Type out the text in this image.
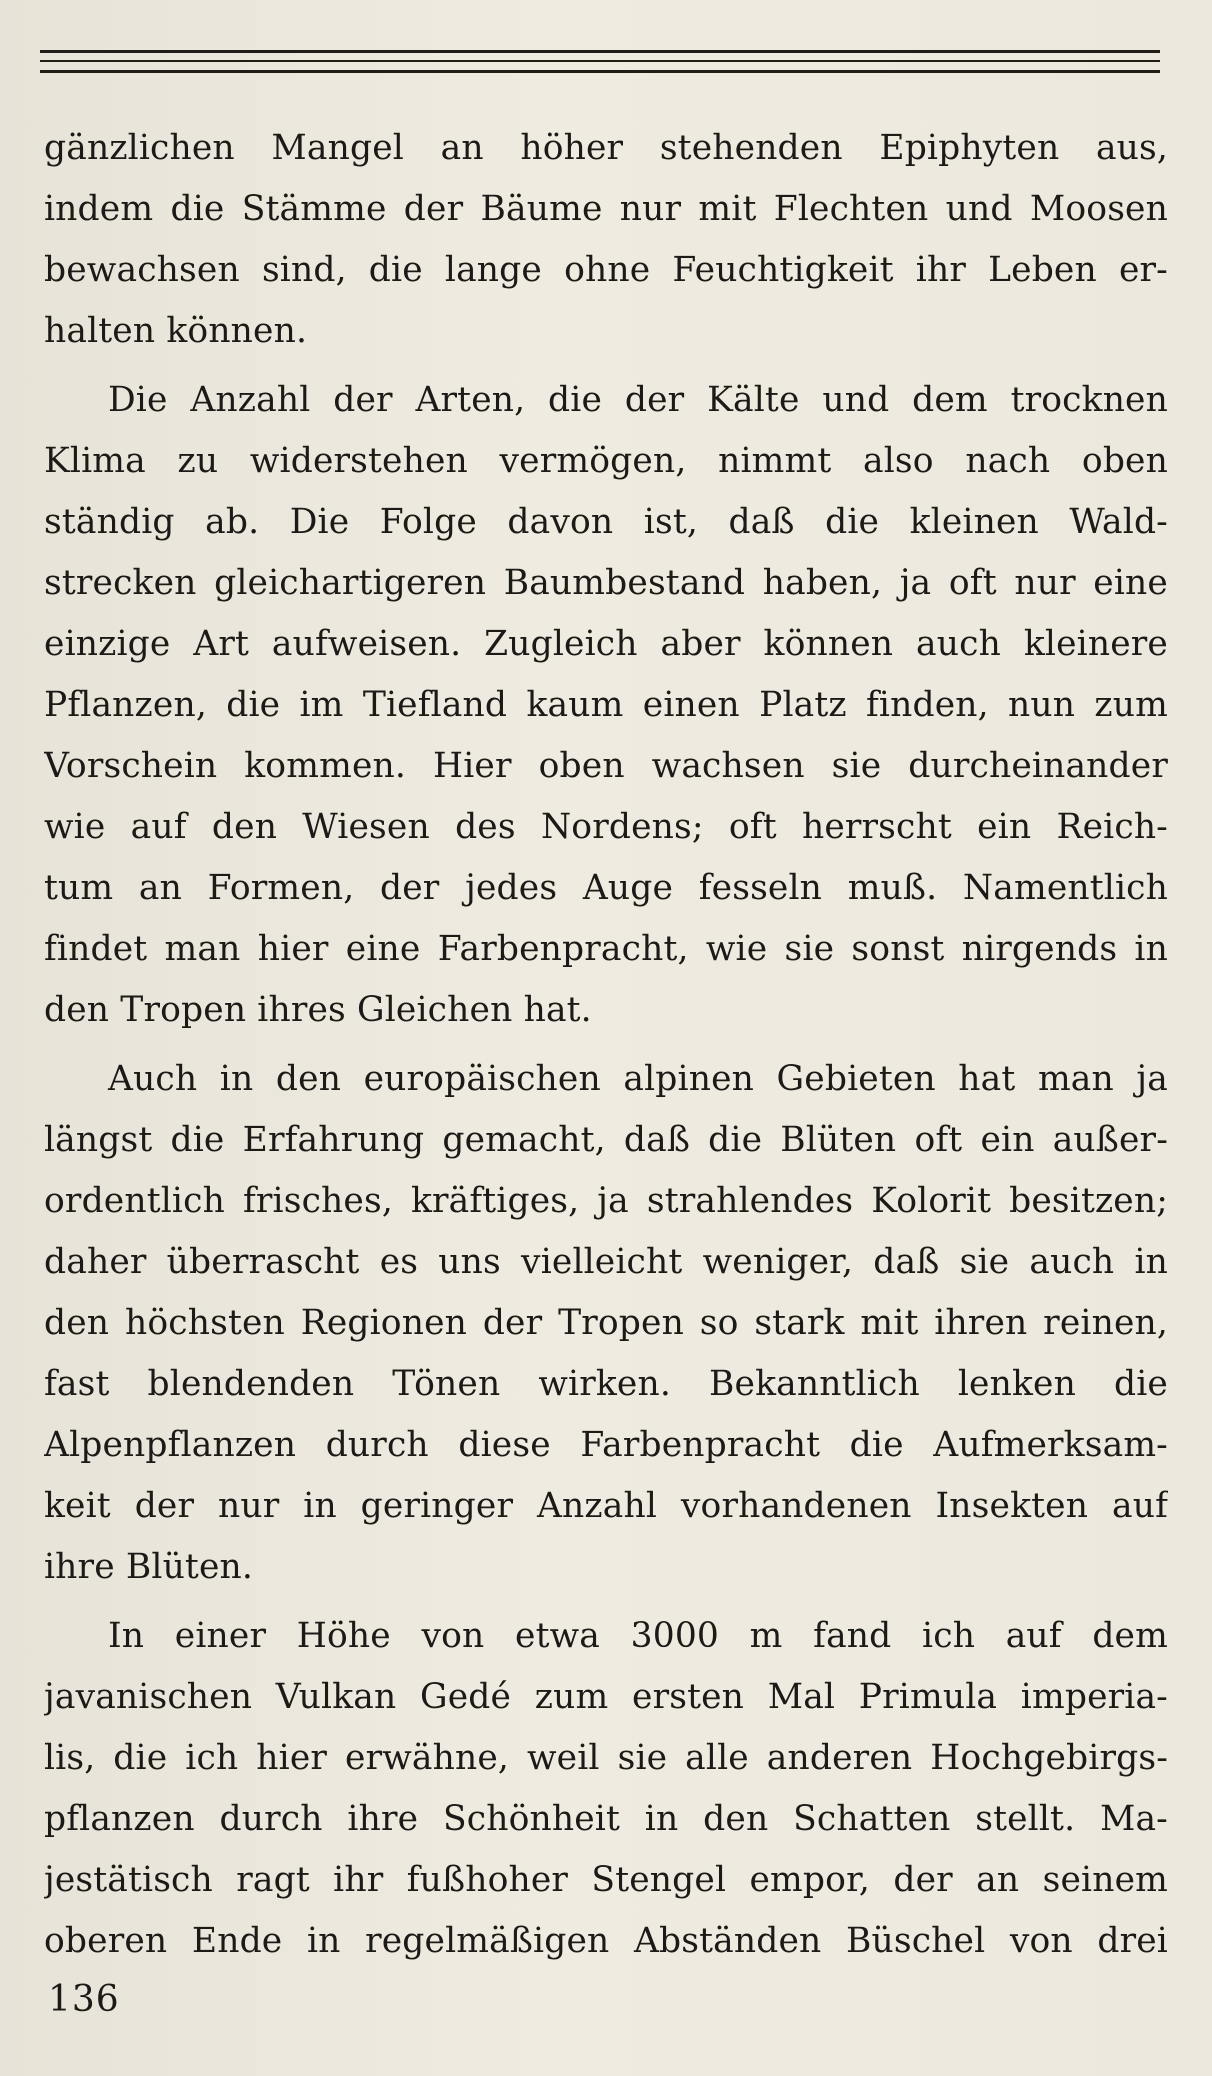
gänzlichen Mangel an höher stehenden Epiphyten aus,
indem die Stämme der Bäume nur mit Flechten und Moosen
bewachsen sind, die lange ohne Feuchtigkeit ihr Leben er-
halten können.
Die Anzahl der Arten, die der Kälte und dem trocknen
Klima zu widerstehen vermögen, nimmt also nach oben
ständig ab. Die Folge davon ist, daß die kleinen Wald-
strecken gleichartigeren Baumbestand haben, ja oft nur eine
einzige Art aufweisen. Zugleich aber können auch kleinere
Pflanzen, die im Tiefland kaum einen Platz finden, nun zum
Vorschein kommen. Hier oben wachsen sie durcheinander
wie auf den Wiesen des Nordens; oft herrscht ein Reich-
tum an Formen, der jedes Auge fesseln muß. Namentlich
findet man hier eine Farbenpracht, wie sie sonst nirgends in
den Tropen ihres Gleichen hat.
Auch in den europäischen alpinen Gebieten hat man ja
längst die Erfahrung gemacht, daß die Blüten oft ein außer-
ordentlich frisches, kräftiges, ja strahlendes Kolorit besitzen;
daher überrascht es uns vielleicht weniger, daß sie auch in
den höchsten Regionen der Tropen so stark mit ihren reinen,
fast blendenden Tönen wirken. Bekanntlich lenken die
Alpenpflanzen durch diese Farbenpracht die Aufmerksam-
keit der nur in geringer Anzahl vorhandenen Insekten auf
ihre Blüten.
In einer Höhe von etwa 3000 m fand ich auf dem
javanischen Vulkan Gedé zum ersten Mal Primula imperia-
lis, die ich hier erwähne, weil sie alle anderen Hochgebirgs-
pflanzen durch ihre Schönheit in den Schatten stellt. Ma-
jestätisch ragt ihr fußhoher Stengel empor, der an seinem
oberen Ende in regelmäßigen Abständen Büschel von drei
136
